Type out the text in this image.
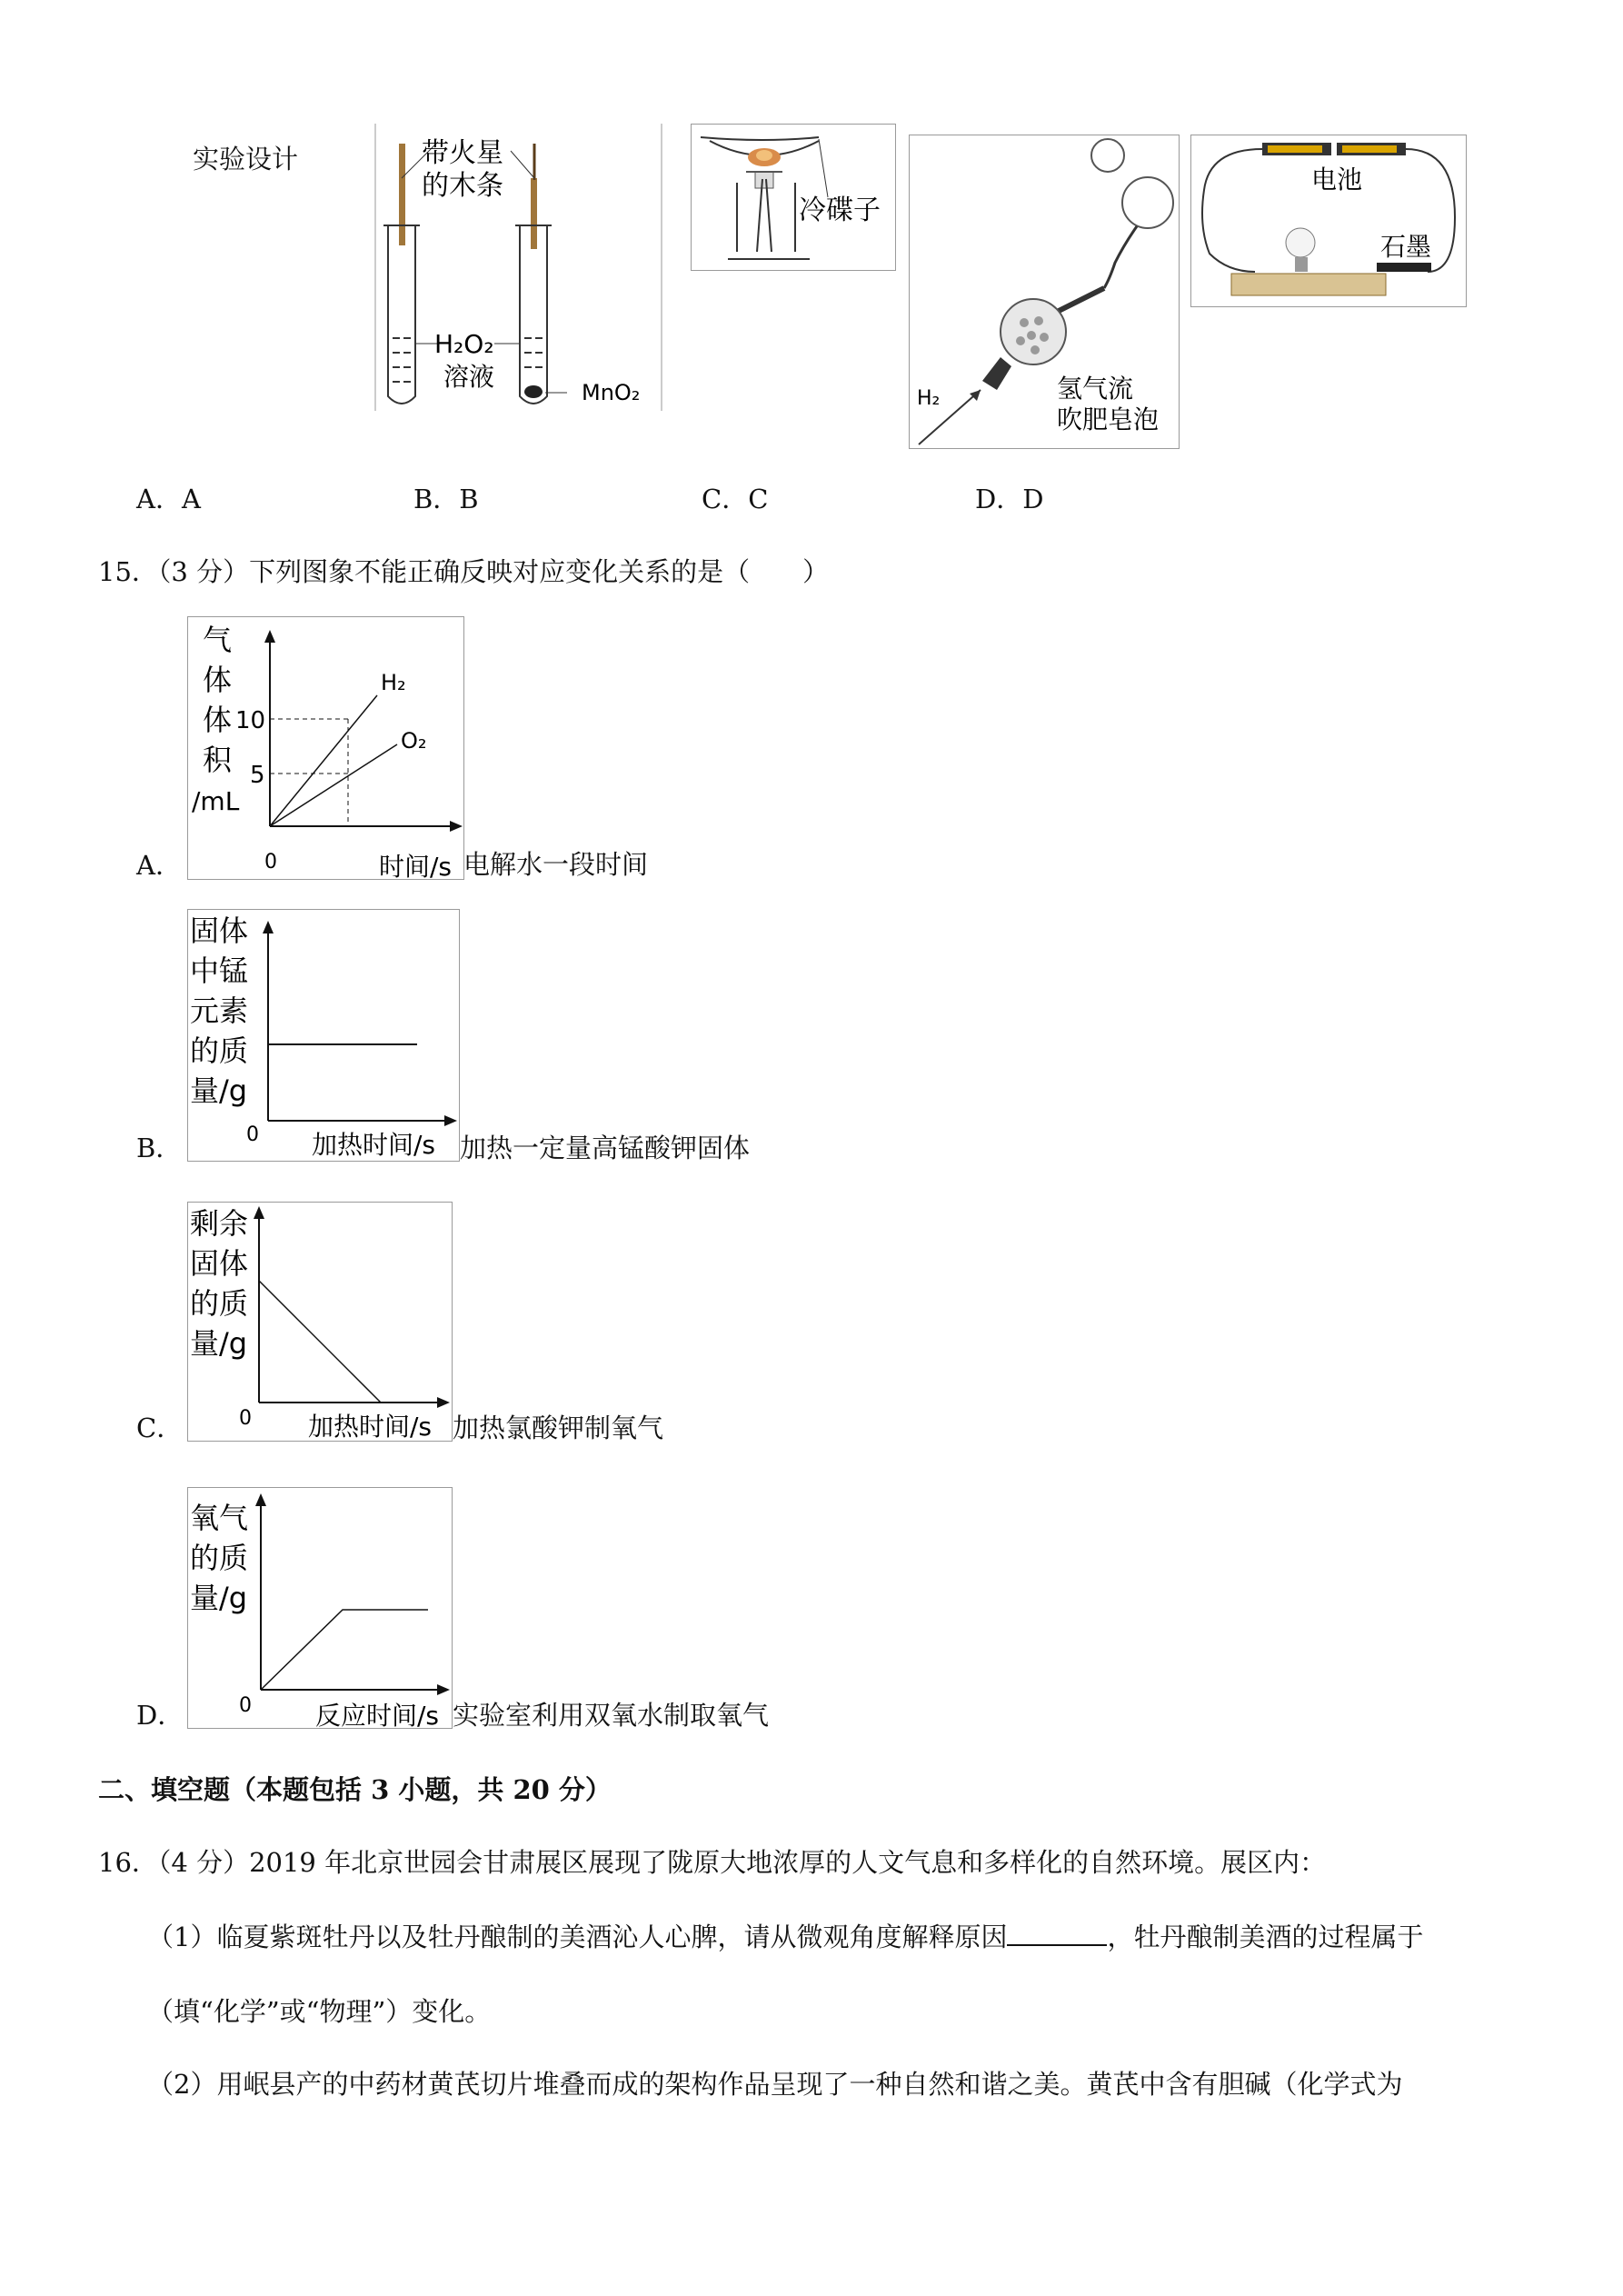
实验设计	带火星
的木条
H₂O₂
溶液
MnO₂
冷碟子
H₂	氢气流
吹肥皂泡
电池
石墨
A．A	B．B	C．C	D．D
15．（3 分）下列图象不能正确反映对应变化关系的是（　　）
A．
气
体
体
积
/mL
10
5
0
H₂
O₂
时间/s 电解水一段时间
B．
固体
中锰
元素
的质
量/g
0 加热时间/s 加热一定量高锰酸钾固体
C．
剩余
固体
的质
量/g
0 加热时间/s 加热氯酸钾制氧气
D．
氧气
的质
量/g
0	反应时间/s 实验室利用双氧水制取氧气
二、填空题（本题包括 3 小题，共 20 分）
16．（4 分）2019 年北京世园会甘肃展区展现了陇原大地浓厚的人文气息和多样化的自然环境。展区内：
（1）临夏紫斑牡丹以及牡丹酿制的美酒沁人心脾，请从微观角度解释原因	，牡丹酿制美酒的过程属于
（填“化学”或“物理”）变化。
（2）用岷县产的中药材黄芪切片堆叠而成的架构作品呈现了一种自然和谐之美。黄芪中含有胆碱（化学式为
